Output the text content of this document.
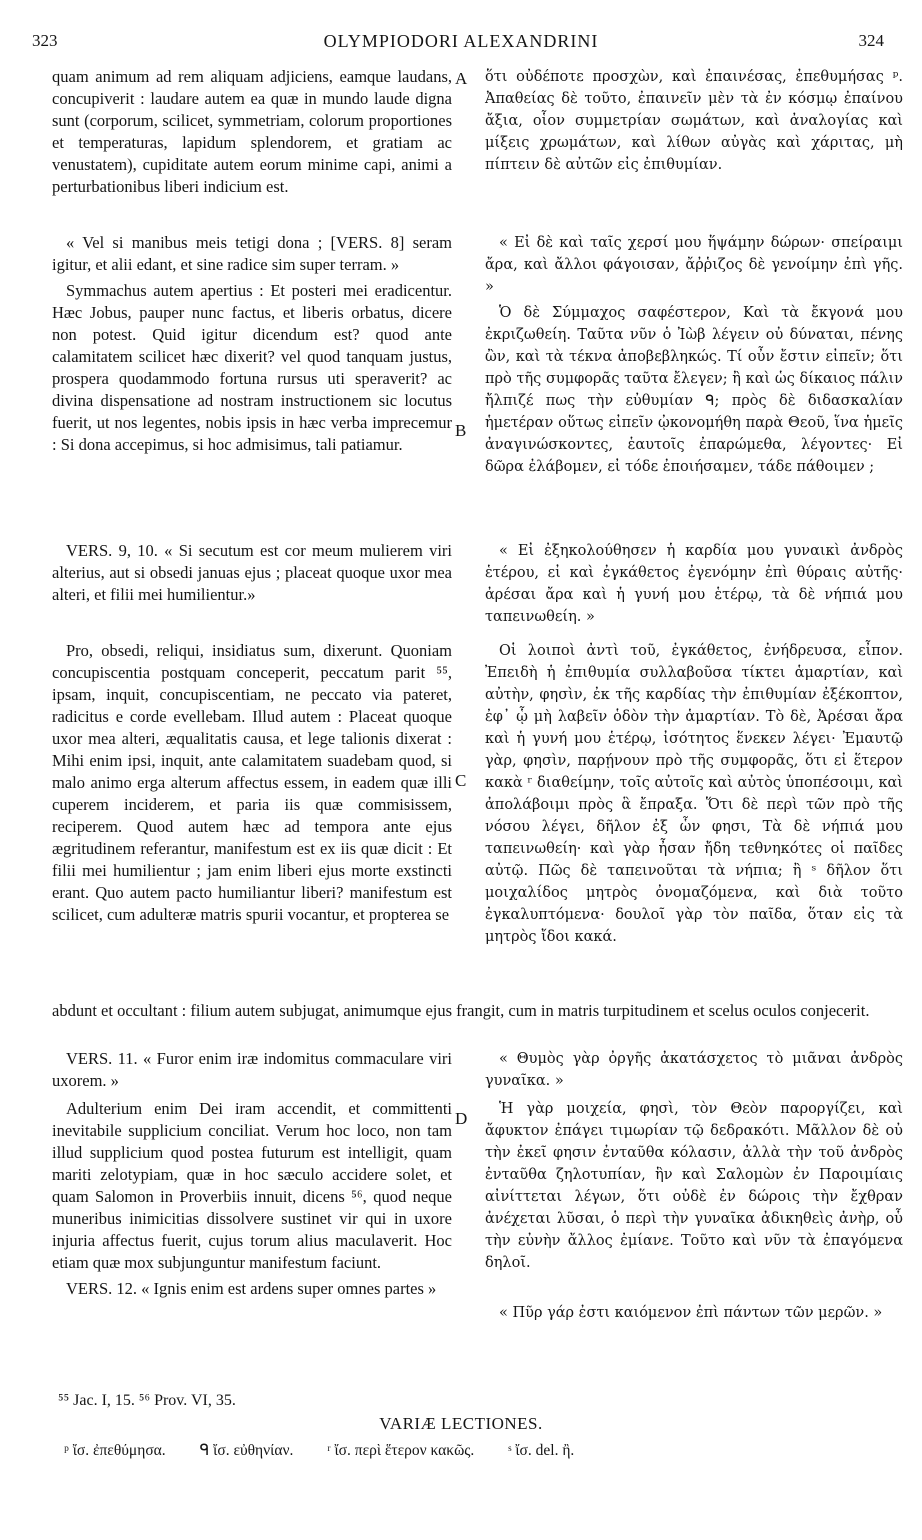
323	OLYMPIODORI ALEXANDRINI	324
A
B
C
D

quam animum ad rem aliquam adjiciens, eamque laudans, concupiverit : laudare autem ea quæ in mundo laude digna sunt (corporum, scilicet, symmetriam, colorum proportiones et temperaturas, lapidum splendorem, et gratiam ac venustatem), cupiditate autem eorum minime capi, animi a perturbationibus liberi indicium est.

« Vel si manibus meis tetigi dona ; [VERS. 8] seram igitur, et alii edant, et sine radice sim super terram. »

Symmachus autem apertius : Et posteri mei eradicentur. Hæc Jobus, pauper nunc factus, et liberis orbatus, dicere non potest. Quid igitur dicendum est? quod ante calamitatem scilicet hæc dixerit? vel quod tanquam justus, prospera quodammodo fortuna rursus uti speraverit? ac divina dispensatione ad nostram instructionem sic locutus fuerit, ut nos legentes, nobis ipsis in hæc verba imprecemur : Si dona accepimus, si hoc admisimus, tali patiamur.

VERS. 9, 10. « Si secutum est cor meum mulierem viri alterius, aut si obsedi januas ejus ; placeat quoque uxor mea alteri, et filii mei humilientur.»

Pro, obsedi, reliqui, insidiatus sum, dixerunt. Quoniam concupiscentia postquam conceperit, peccatum parit ⁵⁵, ipsam, inquit, concupiscentiam, ne peccato via pateret, radicitus e corde evellebam. Illud autem : Placeat quoque uxor mea alteri, æqualitatis causa, et lege talionis dixerat : Mihi enim ipsi, inquit, ante calamitatem suadebam quod, si malo animo erga alterum affectus essem, in eadem quæ illi cuperem inciderem, et paria iis quæ commisissem, reciperem. Quod autem hæc ad tempora ante ejus ægritudinem referantur, manifestum est ex iis quæ dicit : Et filii mei humilientur ; jam enim liberi ejus morte exstincti erant. Quo autem pacto humiliantur liberi? manifestum est scilicet, cum adulteræ matris spurii vocantur, et propterea se

ὅτι οὐδέποτε προσχὼν, καὶ ἐπαινέσας, ἐπεθυμήσας ᵖ. Ἀπαθείας δὲ τοῦτο, ἐπαινεῖν μὲν τὰ ἐν κόσμῳ ἐπαίνου ἄξια, οἷον συμμετρίαν σωμάτων, καὶ ἀναλογίας καὶ μίξεις χρωμάτων, καὶ λίθων αὐγὰς καὶ χάριτας, μὴ πίπτειν δὲ αὐτῶν εἰς ἐπιθυμίαν.

« Εἰ δὲ καὶ ταῖς χερσί μου ἥψάμην δώρων· σπείραιμι ἄρα, καὶ ἄλλοι φάγοισαν, ἄῤῥιζος δὲ γενοίμην ἐπὶ γῆς. »

Ὁ δὲ Σύμμαχος σαφέστερον, Καὶ τὰ ἔκγονά μου ἐκριζωθείη. Ταῦτα νῦν ὁ Ἰὼβ λέγειν οὐ δύναται, πένης ὢν, καὶ τὰ τέκνα ἀποβεβληκώς. Τί οὖν ἔστιν εἰπεῖν; ὅτι πρὸ τῆς συμφορᾶς ταῦτα ἔλεγεν; ἢ καὶ ὡς δίκαιος πάλιν ἤλπιζέ πως τὴν εὐθυμίαν ᑫ; πρὸς δὲ διδασκαλίαν ἡμετέραν οὕτως εἰπεῖν ᾠκονομήθη παρὰ Θεοῦ, ἵνα ἡμεῖς ἀναγινώσκοντες, ἑαυτοῖς ἐπαρώμεθα, λέγοντες· Εἰ δῶρα ἐλάβομεν, εἰ τόδε ἐποιήσαμεν, τάδε πάθοιμεν ;

« Εἰ ἐξηκολούθησεν ἡ καρδία μου γυναικὶ ἀνδρὸς ἑτέρου, εἰ καὶ ἐγκάθετος ἐγενόμην ἐπὶ θύραις αὐτῆς· ἀρέσαι ἄρα καὶ ἡ γυνή μου ἑτέρῳ, τὰ δὲ νήπιά μου ταπεινωθείη. »

Οἱ λοιποὶ ἀντὶ τοῦ, ἐγκάθετος, ἐνήδρευσα, εἶπον. Ἐπειδὴ ἡ ἐπιθυμία συλλαβοῦσα τίκτει ἁμαρτίαν, καὶ αὐτὴν, φησὶν, ἐκ τῆς καρδίας τὴν ἐπιθυμίαν ἐξέκοπτον, ἐφ᾽ ᾧ μὴ λαβεῖν ὁδὸν τὴν ἁμαρτίαν. Τὸ δὲ, Ἀρέσαι ἄρα καὶ ἡ γυνή μου ἑτέρῳ, ἰσότητος ἕνεκεν λέγει· Ἐμαυτῷ γὰρ, φησὶν, παρῄνουν πρὸ τῆς συμφορᾶς, ὅτι εἰ ἕτερον κακὰ ʳ διαθείμην, τοῖς αὐτοῖς καὶ αὐτὸς ὑποπέσοιμι, καὶ ἀπολάβοιμι πρὸς ἃ ἔπραξα. Ὅτι δὲ περὶ τῶν πρὸ τῆς νόσου λέγει, δῆλον ἐξ ὧν φησι, Τὰ δὲ νήπιά μου ταπεινωθείη· καὶ γὰρ ἦσαν ἤδη τεθνηκότες οἱ παῖδες αὐτῷ. Πῶς δὲ ταπεινοῦται τὰ νήπια; ἢ ˢ δῆλον ὅτι μοιχαλίδος μητρὸς ὀνομαζόμενα, καὶ διὰ τοῦτο ἐγκαλυπτόμενα· δουλοῖ γὰρ τὸν παῖδα, ὅταν εἰς τὰ μητρὸς ἴδοι κακά.

abdunt et occultant : filium autem subjugat, animumque ejus frangit, cum in matris turpitudinem et scelus oculos conjecerit.

VERS. 11. « Furor enim iræ indomitus commaculare viri uxorem. »

Adulterium enim Dei iram accendit, et committenti inevitabile supplicium conciliat. Verum hoc loco, non tam illud supplicium quod postea futurum est intelligit, quam mariti zelotypiam, quæ in hoc sæculo accidere solet, et quam Salomon in Proverbiis innuit, dicens ⁵⁶, quod neque muneribus inimicitias dissolvere sustinet vir qui in uxore injuria affectus fuerit, cujus torum alius maculaverit. Hoc etiam quæ mox subjunguntur manifestum faciunt.

VERS. 12. « Ignis enim est ardens super omnes partes »

« Θυμὸς γὰρ ὀργῆς ἀκατάσχετος τὸ μιᾶναι ἀνδρὸς γυναῖκα. »

Ἡ γὰρ μοιχεία, φησὶ, τὸν Θεὸν παροργίζει, καὶ ἄφυκτον ἐπάγει τιμωρίαν τῷ δεδρακότι. Μᾶλλον δὲ οὐ τὴν ἐκεῖ φησιν ἐνταῦθα κόλασιν, ἀλλὰ τὴν τοῦ ἀνδρὸς ἐνταῦθα ζηλοτυπίαν, ἣν καὶ Σαλομὼν ἐν Παροιμίαις αἰνίττεται λέγων, ὅτι οὐδὲ ἐν δώροις τὴν ἔχθραν ἀνέχεται λῦσαι, ὁ περὶ τὴν γυναῖκα ἀδικηθεὶς ἀνὴρ, οὗ τὴν εὐνὴν ἄλλος ἐμίανε. Τοῦτο καὶ νῦν τὰ ἐπαγόμενα δηλοῖ.

« Πῦρ γάρ ἐστι καιόμενον ἐπὶ πάντων τῶν μερῶν. »

⁵⁵ Jac. I, 15. ⁵⁶ Prov. VI, 35.
VARIÆ LECTIONES.
ᵖ ἴσ. ἐπεθύμησα. ᑫ ἴσ. εὐθηνίαν. ʳ ἴσ. περὶ ἕτερον κακῶς. ˢ ἴσ. del. ἢ.
